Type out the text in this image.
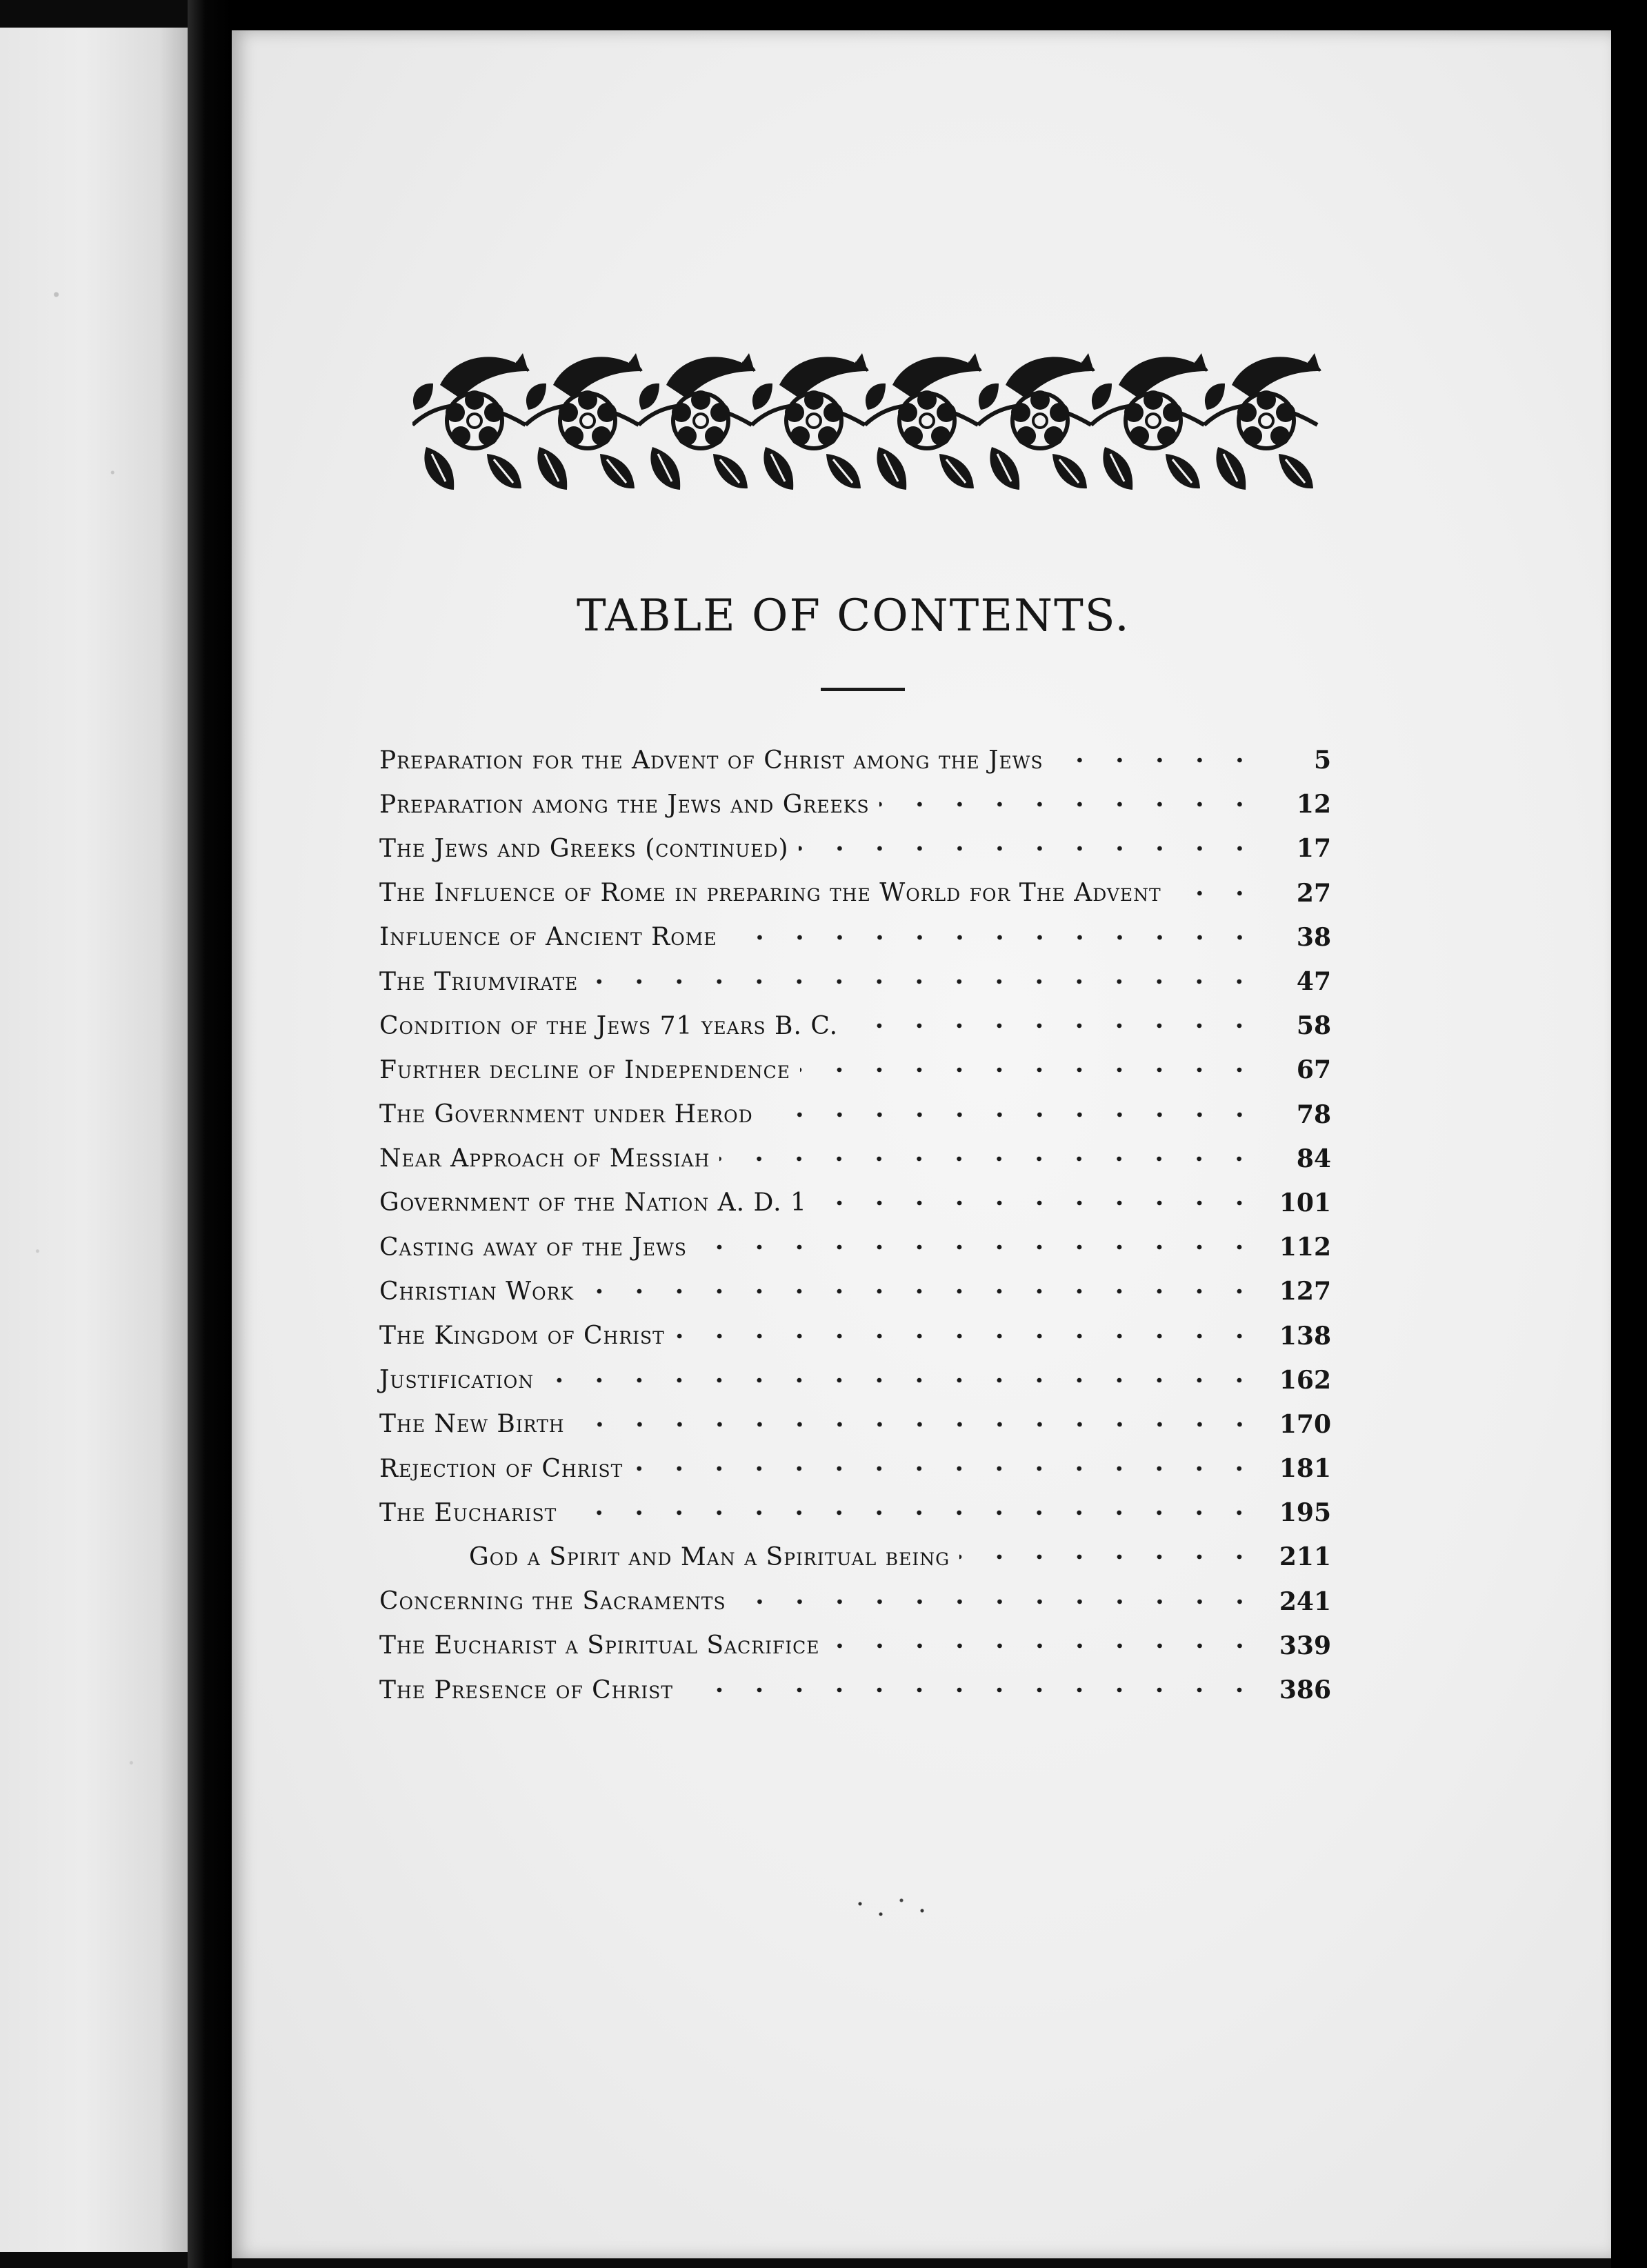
TABLE OF CONTENTS.
Preparation for the Advent of Christ among the Jews	5
Preparation among the Jews and Greeks	12
The Jews and Greeks (continued)	17
The Influence of Rome in preparing the World for The Advent	27
Influence of Ancient Rome	38
The Triumvirate	47
Condition of the Jews 71 years B. C.	58
Further decline of Independence	67
The Government under Herod	78
Near Approach of Messiah	84
Government of the Nation A. D. 1	101
Casting away of the Jews	112
Christian Work	127
The Kingdom of Christ	138
Justification	162
The New Birth	170
Rejection of Christ	181
The Eucharist	195
God a Spirit and Man a Spiritual being	211
Concerning the Sacraments	241
The Eucharist a Spiritual Sacrifice	339
The Presence of Christ	386
